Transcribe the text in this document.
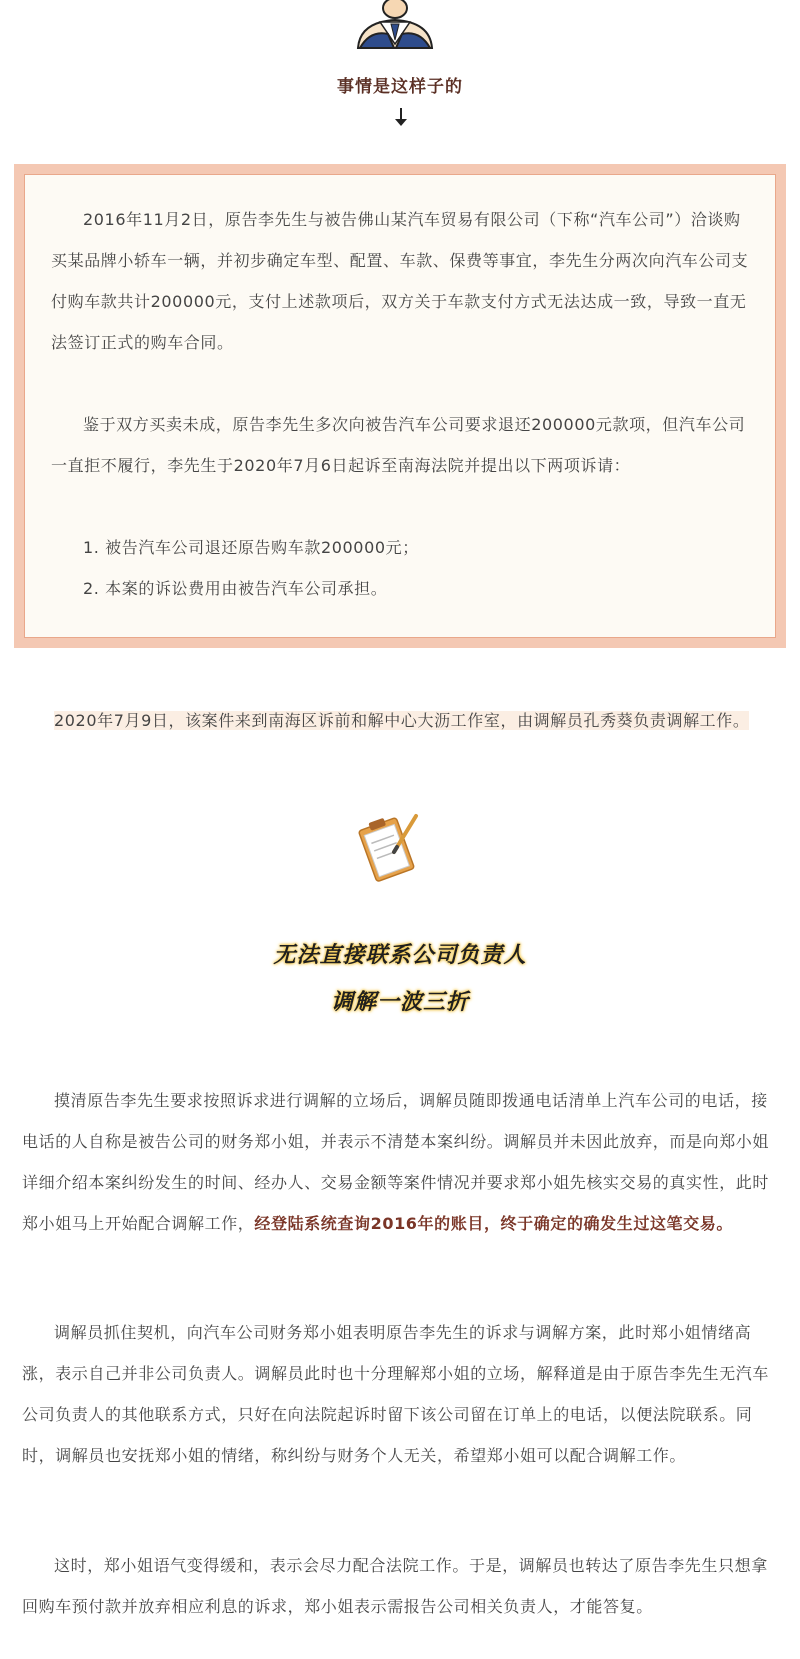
事情是这样子的

2016年11月2日，原告李先生与被告佛山某汽车贸易有限公司（下称“汽车公司”）洽谈购买某品牌小轿车一辆，并初步确定车型、配置、车款、保费等事宜，李先生分两次向汽车公司支付购车款共计200000元，支付上述款项后，双方关于车款支付方式无法达成一致，导致一直无法签订正式的购车合同。

鉴于双方买卖未成，原告李先生多次向被告汽车公司要求退还200000元款项，但汽车公司一直拒不履行，李先生于2020年7月6日起诉至南海法院并提出以下两项诉请：

1. 被告汽车公司退还原告购车款200000元；
2. 本案的诉讼费用由被告汽车公司承担。

2020年7月9日，该案件来到南海区诉前和解中心大沥工作室，由调解员孔秀葵负责调解工作。

无法直接联系公司负责人
调解一波三折

摸清原告李先生要求按照诉求进行调解的立场后，调解员随即拨通电话清单上汽车公司的电话，接电话的人自称是被告公司的财务郑小姐，并表示不清楚本案纠纷。调解员并未因此放弃，而是向郑小姐详细介绍本案纠纷发生的时间、经办人、交易金额等案件情况并要求郑小姐先核实交易的真实性，此时郑小姐马上开始配合调解工作，经登陆系统查询2016年的账目，终于确定的确发生过这笔交易。

调解员抓住契机，向汽车公司财务郑小姐表明原告李先生的诉求与调解方案，此时郑小姐情绪高涨，表示自己并非公司负责人。调解员此时也十分理解郑小姐的立场，解释道是由于原告李先生无汽车公司负责人的其他联系方式，只好在向法院起诉时留下该公司留在订单上的电话，以便法院联系。同时，调解员也安抚郑小姐的情绪，称纠纷与财务个人无关，希望郑小姐可以配合调解工作。

这时，郑小姐语气变得缓和，表示会尽力配合法院工作。于是，调解员也转达了原告李先生只想拿回购车预付款并放弃相应利息的诉求，郑小姐表示需报告公司相关负责人，才能答复。
